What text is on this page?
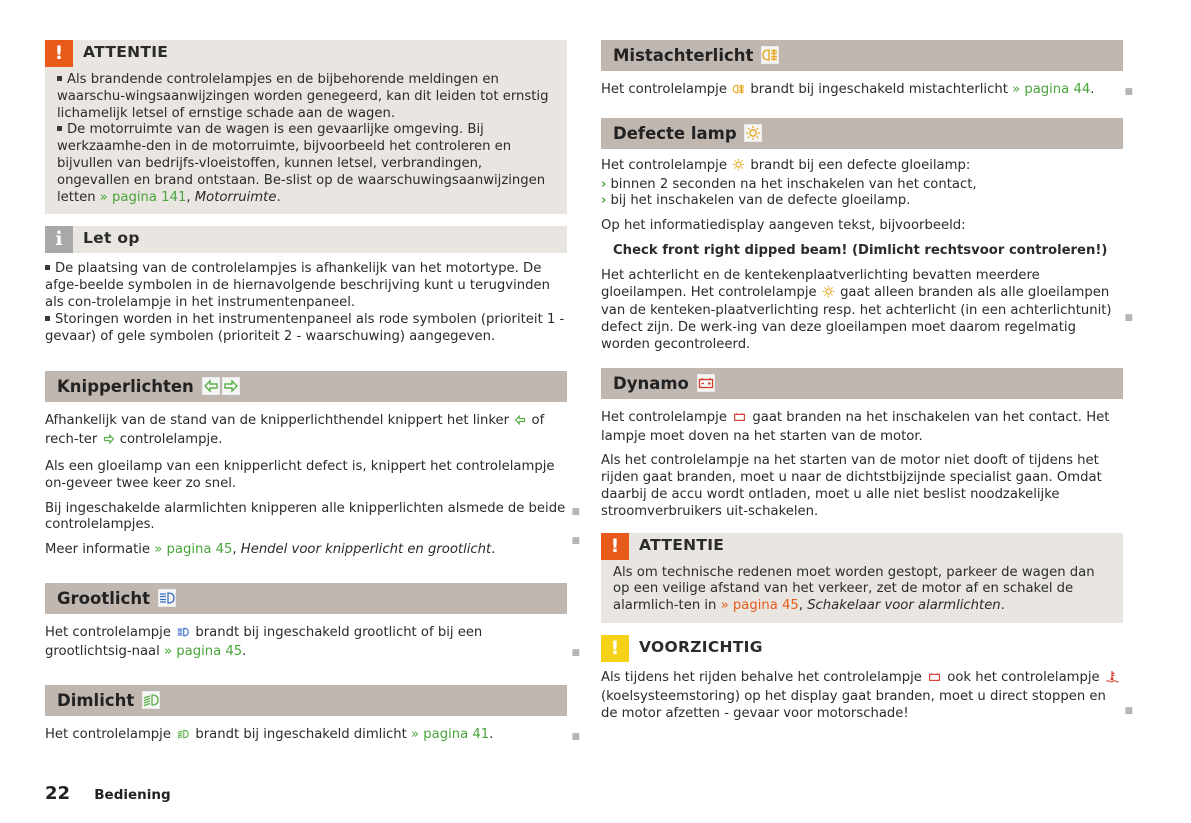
!	ATTENTIE

Als brandende controlelampjes en de bijbehorende meldingen en waarschu-wingsaanwijzingen worden genegeerd, kan dit leiden tot ernstig lichamelijk letsel of ernstige schade aan de wagen.

De motorruimte van de wagen is een gevaarlijke omgeving. Bij werkzaamhe-den in de motorruimte, bijvoorbeeld het controleren en bijvullen van bedrijfs-vloeistoffen, kunnen letsel, verbrandingen, ongevallen en brand ontstaan. Be-slist op de waarschuwingsaanwijzingen letten » pagina 141, Motorruimte.

i	Let op

De plaatsing van de controlelampjes is afhankelijk van het motortype. De afge-beelde symbolen in de hiernavolgende beschrijving kunt u terugvinden als con-trolelampje in het instrumentenpaneel.

Storingen worden in het instrumentenpaneel als rode symbolen (prioriteit 1 - gevaar) of gele symbolen (prioriteit 2 - waarschuwing) aangegeven.

■
Knipperlichten

Afhankelijk van de stand van de knipperlichthendel knippert het linker of rech-ter controlelampje.

Als een gloeilamp van een knipperlicht defect is, knippert het controlelampje on-geveer twee keer zo snel.

Bij ingeschakelde alarmlichten knipperen alle knipperlichten alsmede de beide controlelampjes.

Meer informatie » pagina 45, Hendel voor knipperlicht en grootlicht.

■
Grootlicht

Het controlelampje brandt bij ingeschakeld grootlicht of bij een grootlichtsig-naal » pagina 45.	■
Dimlicht

Het controlelampje brandt bij ingeschakeld dimlicht » pagina 41.	■
Mistachterlicht

Het controlelampje brandt bij ingeschakeld mistachterlicht » pagina 44.	■
Defecte lamp

Het controlelampje brandt bij een defecte gloeilamp:

› binnen 2 seconden na het inschakelen van het contact,

› bij het inschakelen van de defecte gloeilamp.

Op het informatiedisplay aangeven tekst, bijvoorbeeld:

Check front right dipped beam! (Dimlicht rechtsvoor controleren!)

Het achterlicht en de kentekenplaatverlichting bevatten meerdere gloeilampen. Het controlelampje gaat alleen branden als alle gloeilampen van de kenteken-plaatverlichting resp. het achterlicht (in een achterlichtunit) defect zijn. De werk-ing van deze gloeilampen moet daarom regelmatig worden gecontroleerd.

■
Dynamo

Het controlelampje gaat branden na het inschakelen van het contact. Het lampje moet doven na het starten van de motor.

Als het controlelampje na het starten van de motor niet dooft of tijdens het rijden gaat branden, moet u naar de dichtstbijzijnde specialist gaan. Omdat daarbij de accu wordt ontladen, moet u alle niet beslist noodzakelijke stroomverbruikers uit-schakelen.

!	ATTENTIE

Als om technische redenen moet worden gestopt, parkeer de wagen dan op een veilige afstand van het verkeer, zet de motor af en schakel de alarmlich-ten in » pagina 45, Schakelaar voor alarmlichten.

!	VOORZICHTIG

Als tijdens het rijden behalve het controlelampje ook het controlelampje  (koelsysteemstoring) op het display gaat branden, moet u direct stoppen en de motor afzetten - gevaar voor motorschade!	■
22 Bediening
